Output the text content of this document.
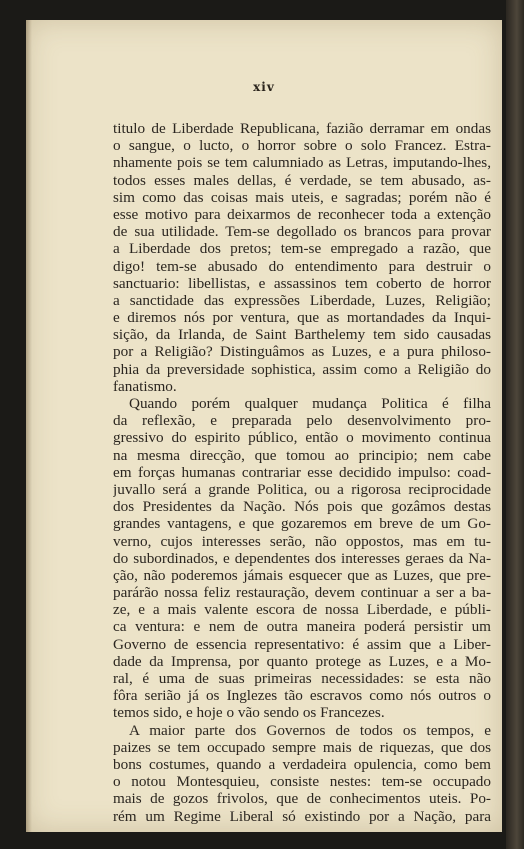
xiv
titulo de Liberdade Republicana, fazião derramar em ondas
o sangue, o lucto, o horror sobre o solo Francez. Estra-
nhamente pois se tem calumniado as Letras, imputando-lhes,
todos esses males dellas, é verdade, se tem abusado, as-
sim como das coisas mais uteis, e sagradas; porém não é
esse motivo para deixarmos de reconhecer toda a extenção
de sua utilidade. Tem-se degollado os brancos para provar
a Liberdade dos pretos; tem-se empregado a razão, que
digo! tem-se abusado do entendimento para destruir o
sanctuario: libellistas, e assassinos tem coberto de horror
a sanctidade das expressões Liberdade, Luzes, Religião;
e diremos nós por ventura, que as mortandades da Inqui-
sição, da Irlanda, de Saint Barthelemy tem sido causadas
por a Religião? Distinguâmos as Luzes, e a pura philoso-
phia da preversidade sophistica, assim como a Religião do
fanatismo.
Quando porém qualquer mudança Politica é filha
da reflexão, e preparada pelo desenvolvimento pro-
gressivo do espirito público, então o movimento continua
na mesma direcção, que tomou ao principio; nem cabe
em forças humanas contrariar esse decidido impulso: coad-
juvallo será a grande Politica, ou a rigorosa reciprocidade
dos Presidentes da Nação. Nós pois que gozâmos destas
grandes vantagens, e que gozaremos em breve de um Go-
verno, cujos interesses serão, não oppostos, mas em tu-
do subordinados, e dependentes dos interesses geraes da Na-
ção, não poderemos jámais esquecer que as Luzes, que pre-
parárão nossa feliz restauração, devem continuar a ser a ba-
ze, e a mais valente escora de nossa Liberdade, e públi-
ca ventura: e nem de outra maneira poderá persistir um
Governo de essencia representativo: é assim que a Liber-
dade da Imprensa, por quanto protege as Luzes, e a Mo-
ral, é uma de suas primeiras necessidades: se esta não
fôra serião já os Inglezes tão escravos como nós outros o
temos sido, e hoje o vão sendo os Francezes.
A maior parte dos Governos de todos os tempos, e
paizes se tem occupado sempre mais de riquezas, que dos
bons costumes, quando a verdadeira opulencia, como bem
o notou Montesquieu, consiste nestes: tem-se occupado
mais de gozos frivolos, que de conhecimentos uteis. Po-
rém um Regime Liberal só existindo por a Nação, para
